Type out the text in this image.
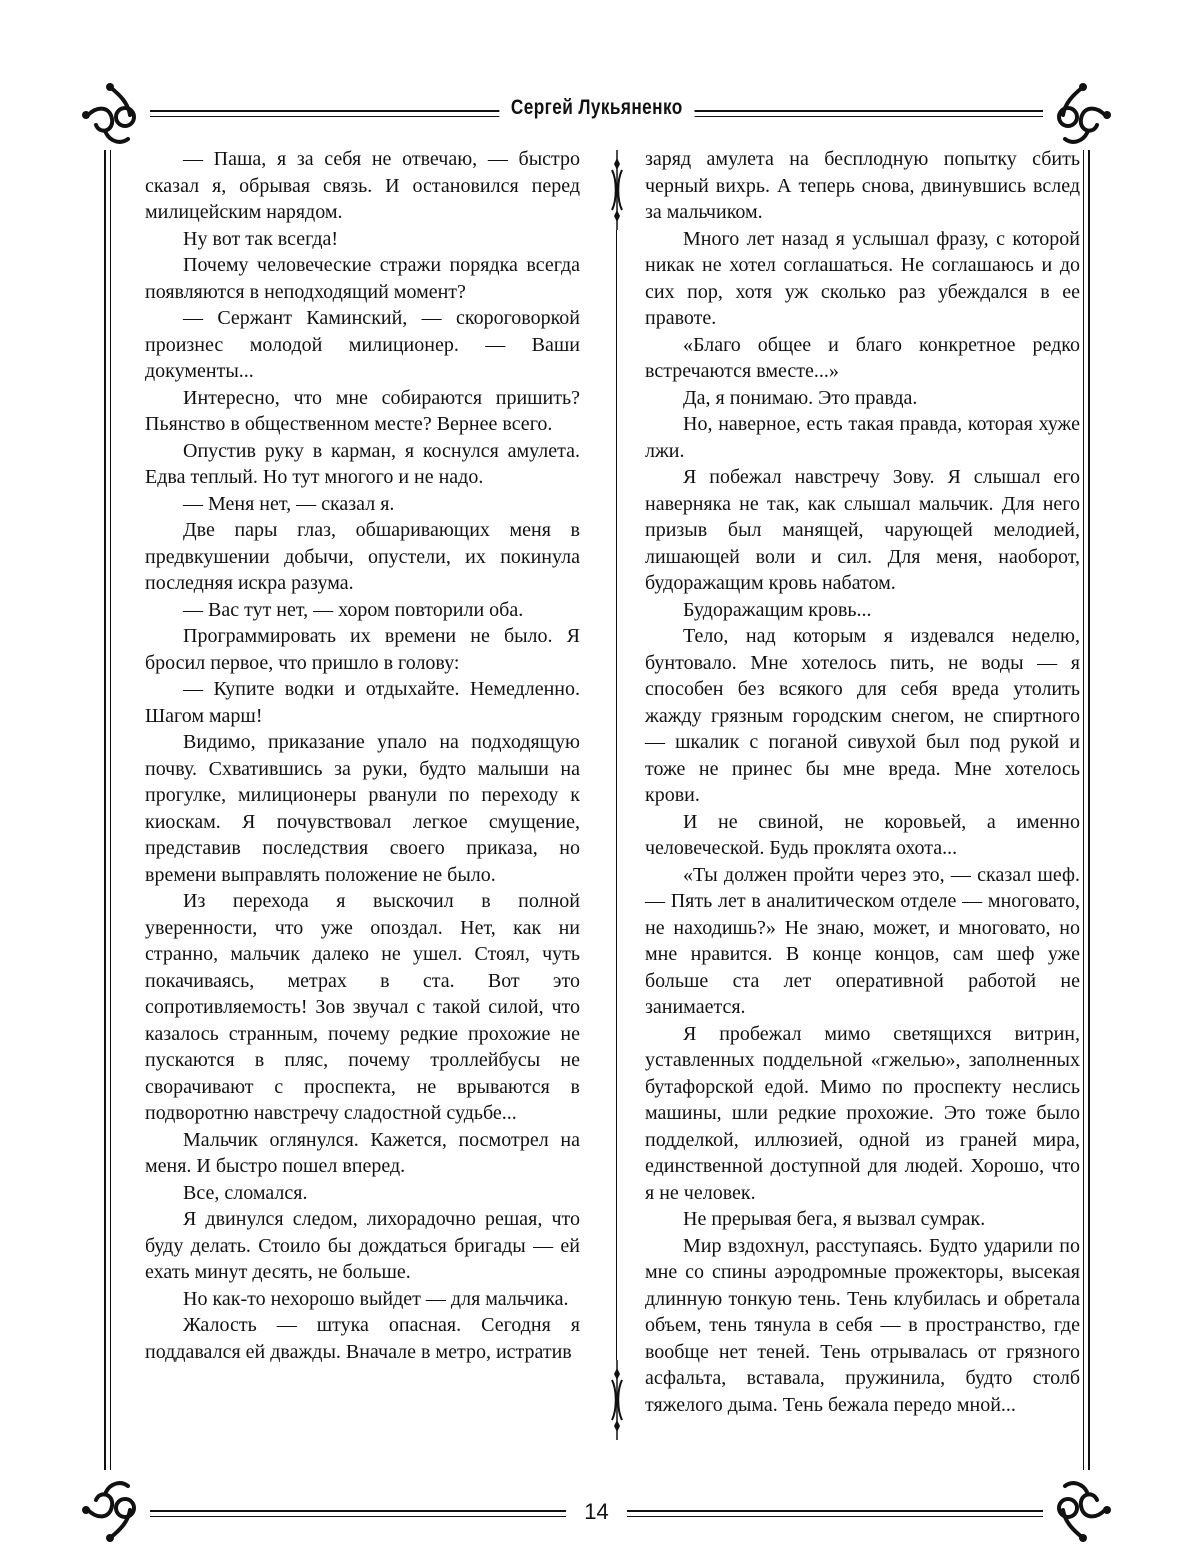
Сергей Лукьяненко

— Паша, я за себя не отвечаю, — быстро сказал я, обрывая связь. И остановился перед милицейским нарядом.

Ну вот так всегда!

Почему человеческие стражи порядка всегда появляются в неподходящий момент?

— Сержант Каминский, — скороговоркой произнес молодой милиционер. — Ваши документы...

Интересно, что мне собираются пришить? Пьянство в общественном месте? Вернее всего.

Опустив руку в карман, я коснулся амулета. Едва теплый. Но тут многого и не надо.

— Меня нет, — сказал я.

Две пары глаз, обшаривающих меня в предвкушении добычи, опустели, их покинула последняя искра разума.

— Вас тут нет, — хором повторили оба.

Программировать их времени не было. Я бросил первое, что пришло в голову:

— Купите водки и отдыхайте. Немедленно. Шагом марш!

Видимо, приказание упало на подходящую почву. Схватившись за руки, будто малыши на прогулке, милиционеры рванули по переходу к киоскам. Я почувствовал легкое смущение, представив последствия своего приказа, но времени выправлять положение не было.

Из перехода я выскочил в полной уверенности, что уже опоздал. Нет, как ни странно, мальчик далеко не ушел. Стоял, чуть покачиваясь, метрах в ста. Вот это сопротивляемость! Зов звучал с такой силой, что казалось странным, почему редкие прохожие не пускаются в пляс, почему троллейбусы не сворачивают с проспекта, не врываются в подворотню навстречу сладостной судьбе...

Мальчик оглянулся. Кажется, посмотрел на меня. И быстро пошел вперед.

Все, сломался.

Я двинулся следом, лихорадочно решая, что буду делать. Стоило бы дождаться бригады — ей ехать минут десять, не больше.

Но как-то нехорошо выйдет — для мальчика.

Жалость — штука опасная. Сегодня я поддавался ей дважды. Вначале в метро, истратив

заряд амулета на бесплодную попытку сбить черный вихрь. А теперь снова, двинувшись вслед за мальчиком.

Много лет назад я услышал фразу, с которой никак не хотел соглашаться. Не соглашаюсь и до сих пор, хотя уж сколько раз убеждался в ее правоте.

«Благо общее и благо конкретное редко встречаются вместе...»

Да, я понимаю. Это правда.

Но, наверное, есть такая правда, которая хуже лжи.

Я побежал навстречу Зову. Я слышал его наверняка не так, как слышал мальчик. Для него призыв был манящей, чарующей мелодией, лишающей воли и сил. Для меня, наоборот, будоражащим кровь набатом.

Будоражащим кровь...

Тело, над которым я издевался неделю, бунтовало. Мне хотелось пить, не воды — я способен без всякого для себя вреда утолить жажду грязным городским снегом, не спиртного — шкалик с поганой сивухой был под рукой и тоже не принес бы мне вреда. Мне хотелось крови.

И не свиной, не коровьей, а именно человеческой. Будь проклята охота...

«Ты должен пройти через это, — сказал шеф. — Пять лет в аналитическом отделе — многовато, не находишь?» Не знаю, может, и многовато, но мне нравится. В конце концов, сам шеф уже больше ста лет оперативной работой не занимается.

Я пробежал мимо светящихся витрин, уставленных поддельной «гжелью», заполненных бутафорской едой. Мимо по проспекту неслись машины, шли редкие прохожие. Это тоже было подделкой, иллюзией, одной из граней мира, единственной доступной для людей. Хорошо, что я не человек.

Не прерывая бега, я вызвал сумрак.

Мир вздохнул, расступаясь. Будто ударили по мне со спины аэродромные прожекторы, высекая длинную тонкую тень. Тень клубилась и обретала объем, тень тянула в себя — в пространство, где вообще нет теней. Тень отрывалась от грязного асфальта, вставала, пружинила, будто столб тяжелого дыма. Тень бежала передо мной...

14
